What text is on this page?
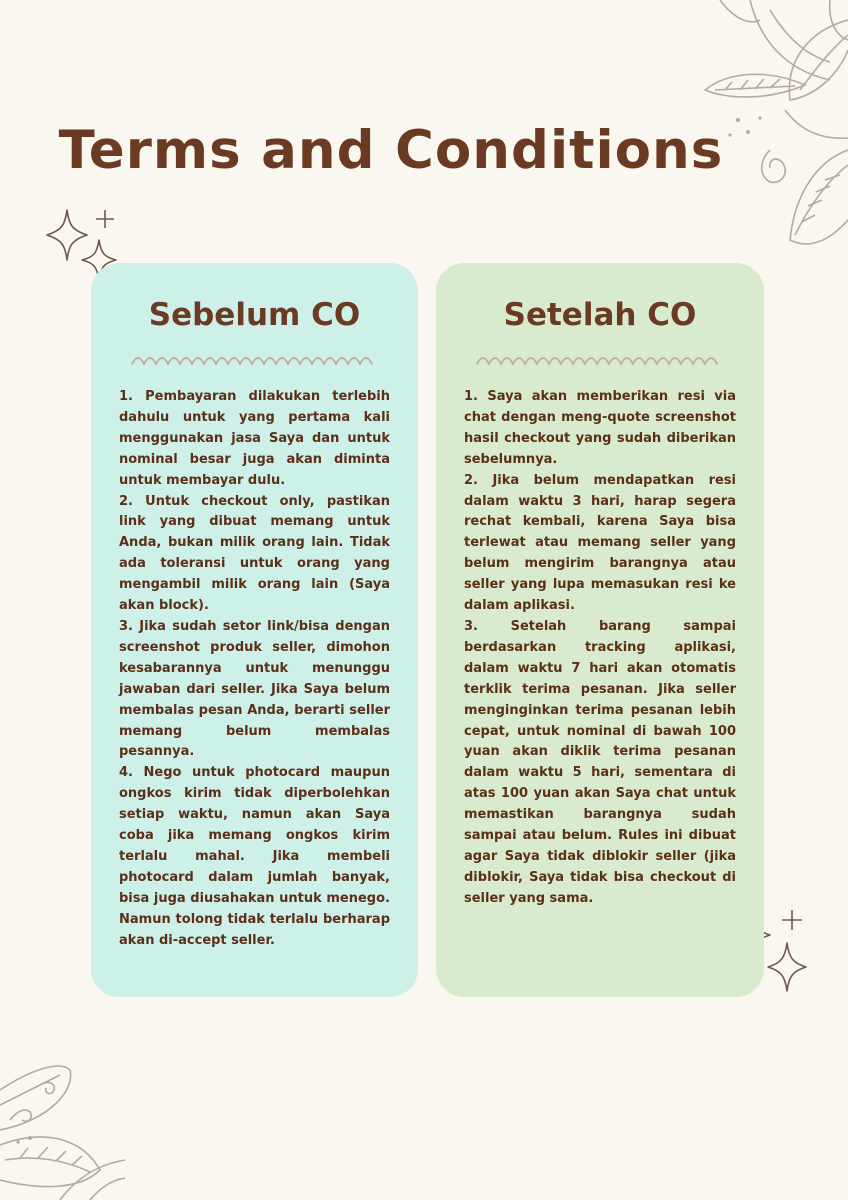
Terms and Conditions
Sebelum CO

1. Pembayaran dilakukan terlebih dahulu untuk yang pertama kali menggunakan jasa Saya dan untuk nominal besar juga akan diminta untuk membayar dulu.

2. Untuk checkout only, pastikan link yang dibuat memang untuk Anda, bukan milik orang lain. Tidak ada toleransi untuk orang yang mengambil milik orang lain (Saya akan block).

3. Jika sudah setor link/bisa dengan screenshot produk seller, dimohon kesabarannya untuk menunggu jawaban dari seller. Jika Saya belum membalas pesan Anda, berarti seller memang belum membalas pesannya.

4. Nego untuk photocard maupun ongkos kirim tidak diperbolehkan setiap waktu, namun akan Saya coba jika memang ongkos kirim terlalu mahal. Jika membeli photocard dalam jumlah banyak, bisa juga diusahakan untuk menego. Namun tolong tidak terlalu berharap akan di-accept seller.

Setelah CO

1. Saya akan memberikan resi via chat dengan meng-quote screenshot hasil checkout yang sudah diberikan sebelumnya.

2. Jika belum mendapatkan resi dalam waktu 3 hari, harap segera rechat kembali, karena Saya bisa terlewat atau memang seller yang belum mengirim barangnya atau seller yang lupa memasukan resi ke dalam aplikasi.

3. Setelah barang sampai berdasarkan tracking aplikasi, dalam waktu 7 hari akan otomatis terklik terima pesanan. Jika seller menginginkan terima pesanan lebih cepat, untuk nominal di bawah 100 yuan akan diklik terima pesanan dalam waktu 5 hari, sementara di atas 100 yuan akan Saya chat untuk memastikan barangnya sudah sampai atau belum. Rules ini dibuat agar Saya tidak diblokir seller (jika diblokir, Saya tidak bisa checkout di seller yang sama.
